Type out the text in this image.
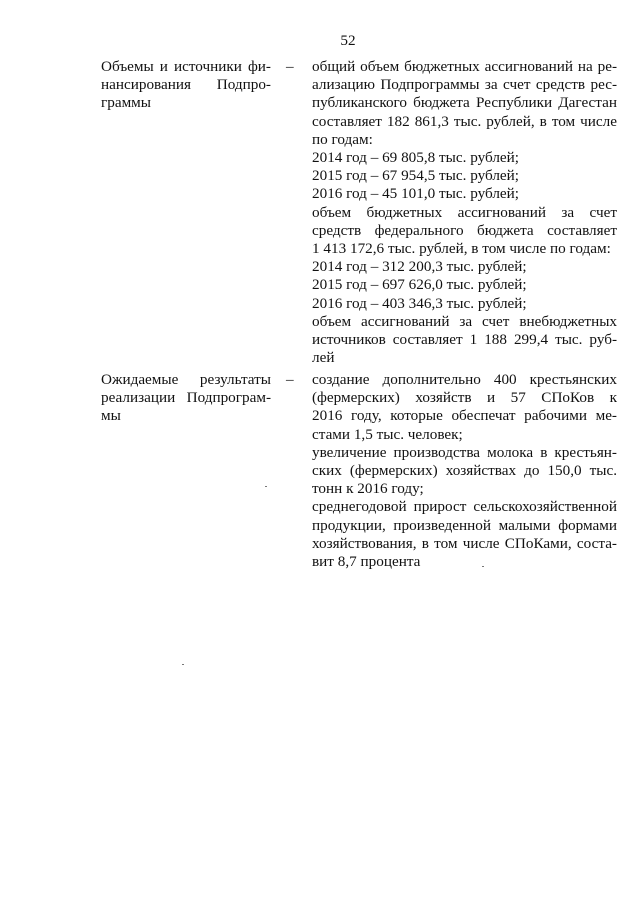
52
Объемы и источники фи-
нансирования Подпро-
граммы
– общий объем бюджетных ассигнований на ре-
ализацию Подпрограммы за счет средств рес-
публиканского бюджета Республики Дагестан
составляет 182 861,3 тыс. рублей, в том числе
по годам:
2014 год – 69 805,8 тыс. рублей;
2015 год – 67 954,5 тыс. рублей;
2016 год – 45 101,0 тыс. рублей;
объем бюджетных ассигнований за счет
средств федерального бюджета составляет
1 413 172,6 тыс. рублей, в том числе по годам:
2014 год – 312 200,3 тыс. рублей;
2015 год – 697 626,0 тыс. рублей;
2016 год – 403 346,3 тыс. рублей;
объем ассигнований за счет внебюджетных
источников составляет 1 188 299,4 тыс. руб-
лей
Ожидаемые результаты
реализации Подпрограм-
мы
– создание дополнительно 400 крестьянских
(фермерских) хозяйств и 57 СПоКов к
2016 году, которые обеспечат рабочими ме-
стами 1,5 тыс. человек;
увеличение производства молока в крестьян-
ских (фермерских) хозяйствах до 150,0 тыс.
тонн к 2016 году;
среднегодовой прирост сельскохозяйственной
продукции, произведенной малыми формами
хозяйствования, в том числе СПоКами, соста-
вит 8,7 процента
